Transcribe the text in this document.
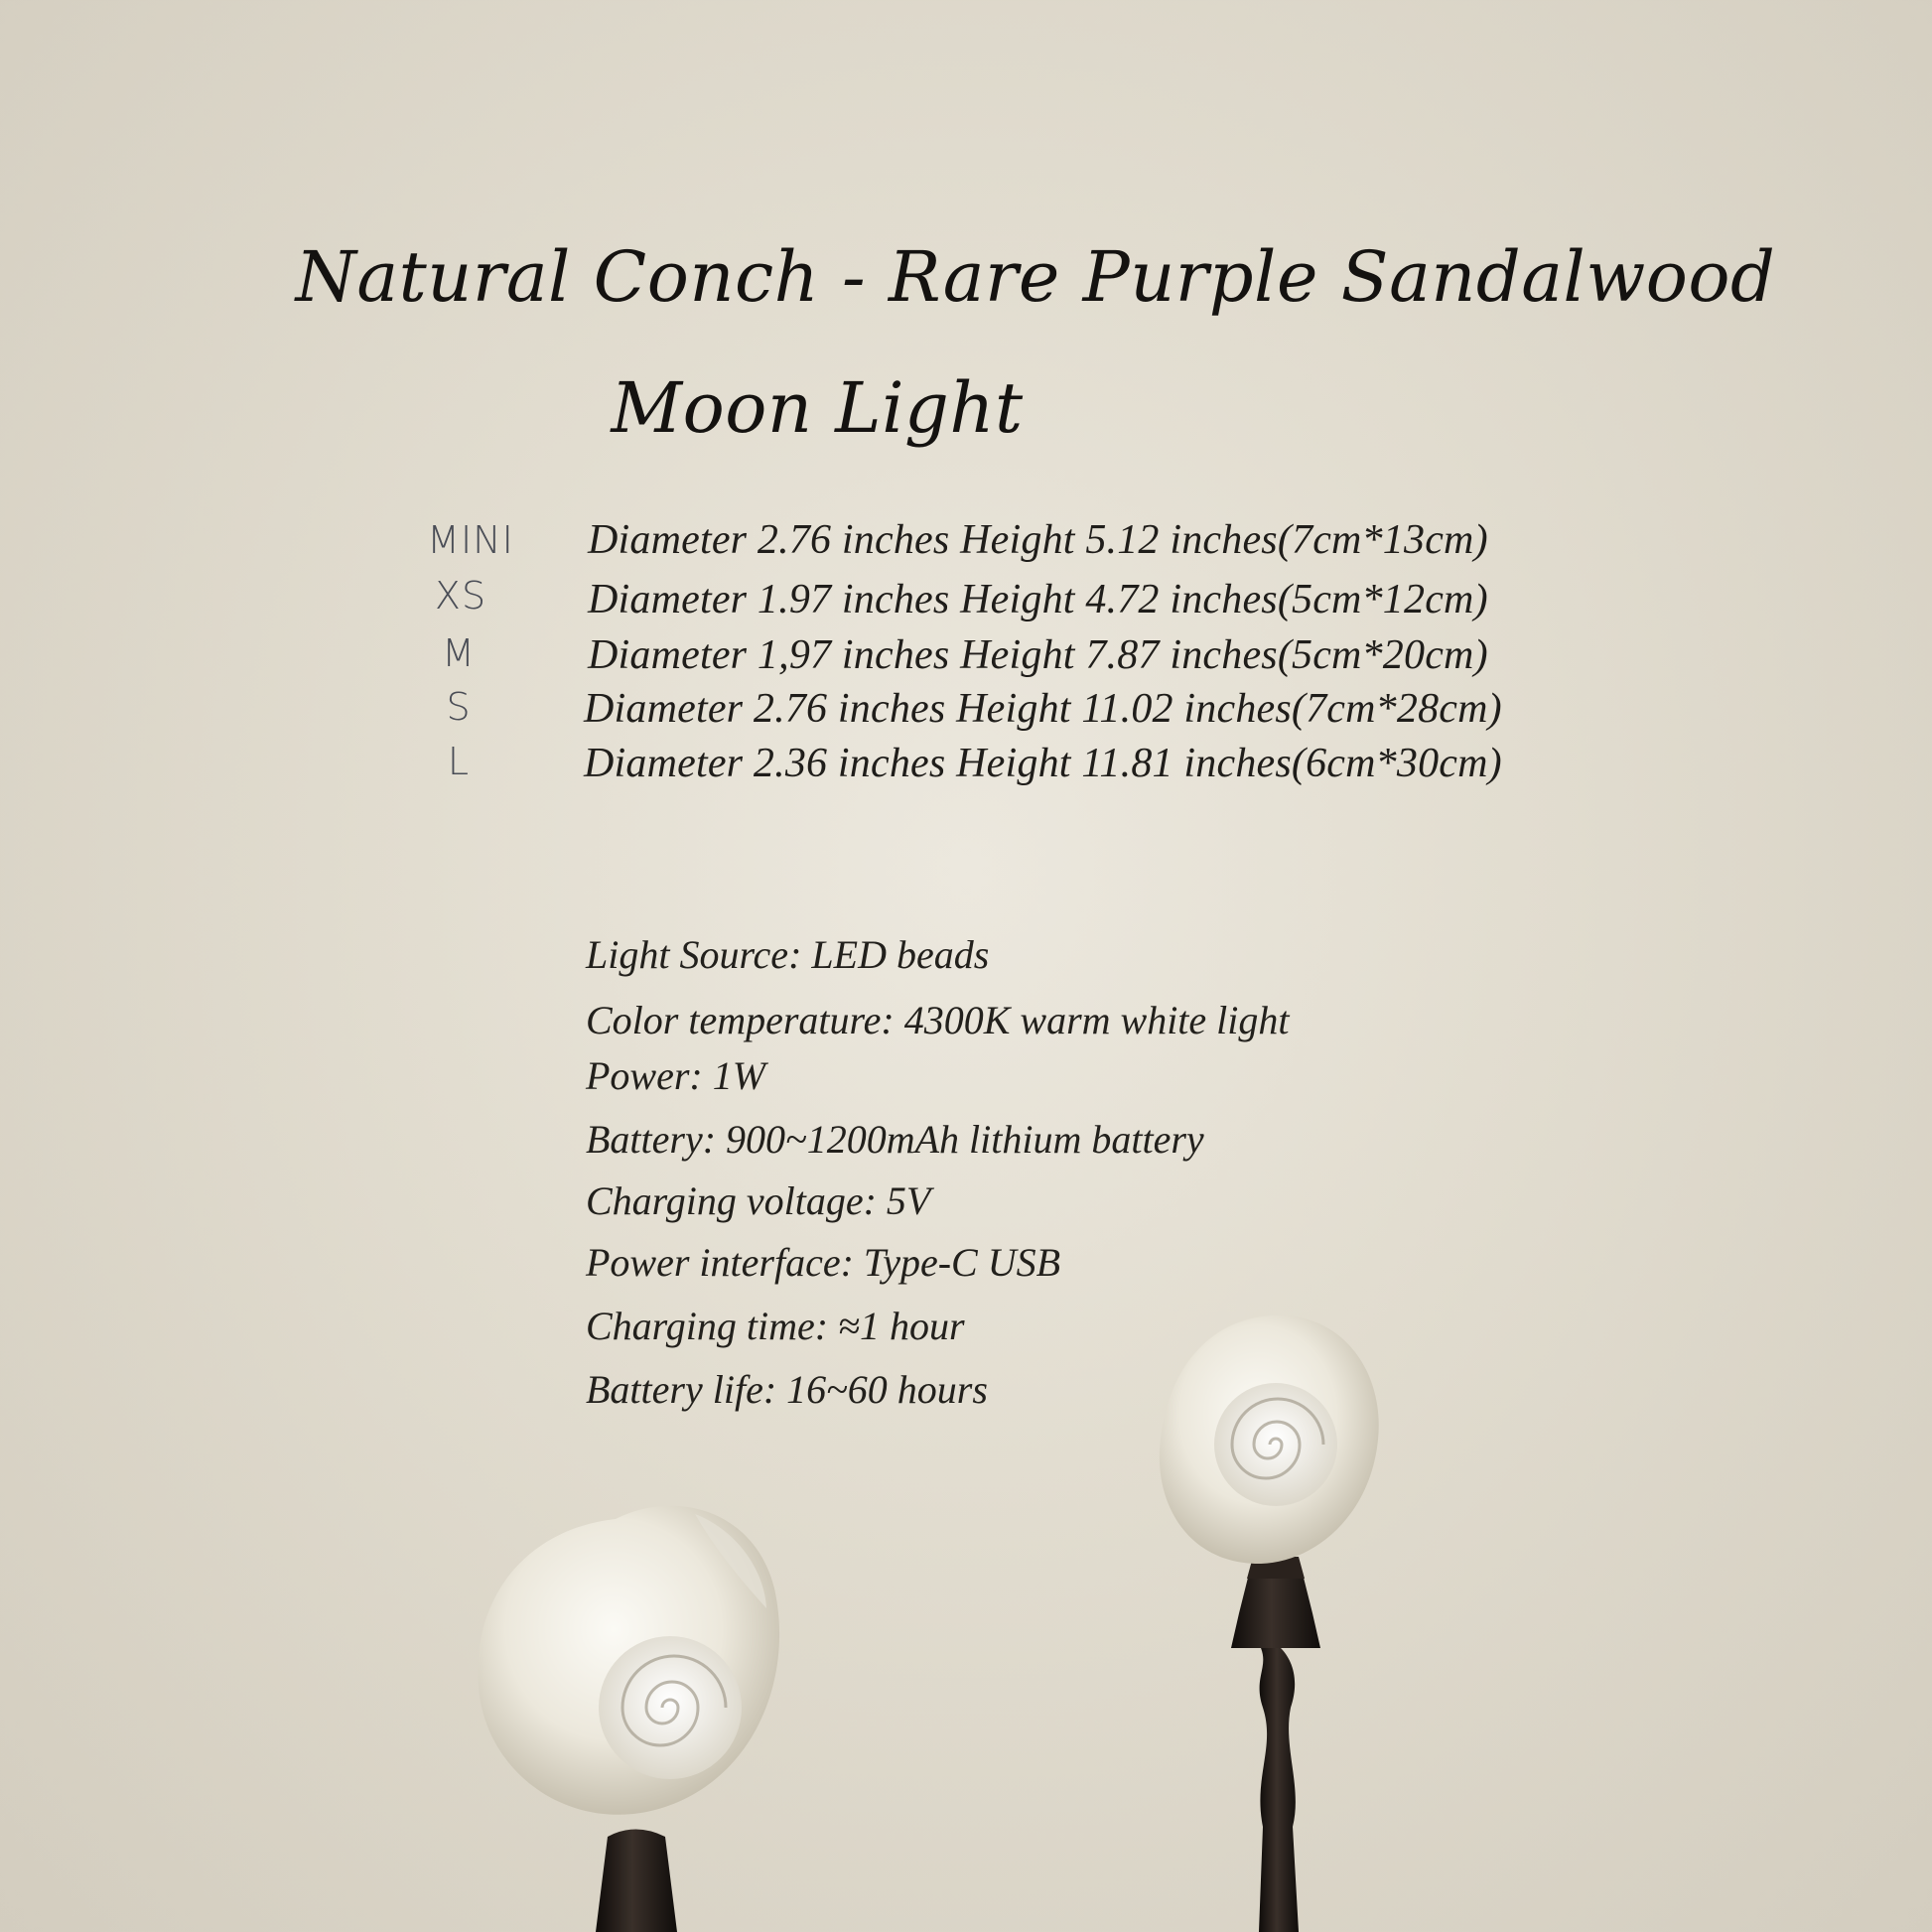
Natural Conch - Rare Purple Sandalwood
Moon Light
MINI	Diameter 2.76 inches Height 5.12 inches(7cm*13cm)
XS	Diameter 1.97 inches Height 4.72 inches(5cm*12cm)
M	Diameter 1,97 inches Height 7.87 inches(5cm*20cm)
S	Diameter 2.76 inches Height 11.02 inches(7cm*28cm)
L	Diameter 2.36 inches Height 11.81 inches(6cm*30cm)
Light Source: LED beads
Color temperature: 4300K warm white light
Power: 1W
Battery: 900~1200mAh lithium battery
Charging voltage: 5V
Power interface: Type-C USB
Charging time: ≈1 hour
Battery life: 16~60 hours
